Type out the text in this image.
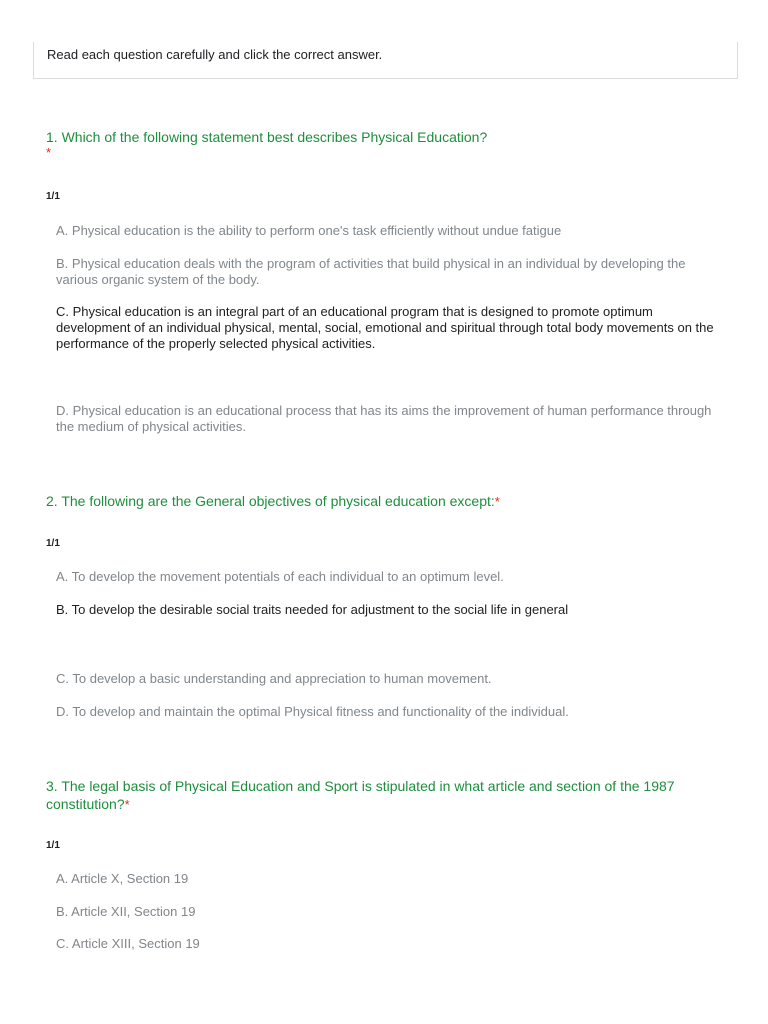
Read each question carefully and click the correct answer.
1. Which of the following statement best describes Physical Education?
*
1/1
A. Physical education is the ability to perform one's task efficiently without undue fatigue
B. Physical education deals with the program of activities that build physical in an individual by developing the various organic system of the body.
C. Physical education is an integral part of an educational program that is designed to promote optimum development of an individual physical, mental, social, emotional and spiritual through total body movements on the performance of the properly selected physical activities.
D. Physical education is an educational process that has its aims the improvement of human performance through the medium of physical activities.
2. The following are the General objectives of physical education except:*
1/1
A. To develop the movement potentials of each individual to an optimum level.
B. To develop the desirable social traits needed for adjustment to the social life in general
C. To develop a basic understanding and appreciation to human movement.
D. To develop and maintain the optimal Physical fitness and functionality of the individual.
3. The legal basis of Physical Education and Sport is stipulated in what article and section of the 1987 constitution?*
1/1
A. Article X, Section 19
B. Article XII, Section 19
C. Article XIII, Section 19
